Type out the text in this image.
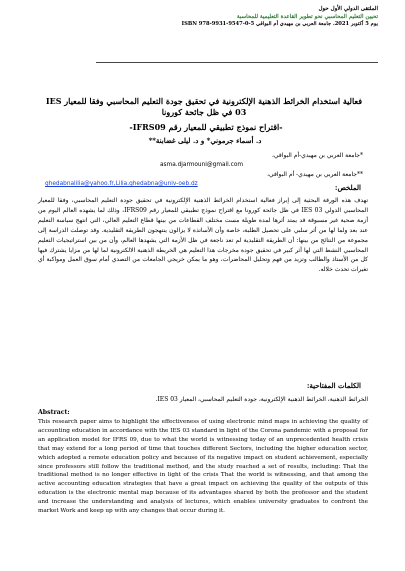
الملتقى الدولي الأول حول
تحيين التعليم المحاسبي نحو تطوير القاعدة التعليمية للمحاسبة
يوم 5 أكتوبر 2021، جامعة العربي بن مهيدي أم البواقي ISBN 978-9931-9547-0-5
فعالية استخدام الخرائط الذهنية الإلكترونية في تحقيق جودة التعليم المحاسبي وفقا للمعيار IES 03 في ظل جائحة كورونا
-اقتراح نموذج تطبيقي للمعيار رقم IFRS09-
د. أسماء جرموني* و د. ليلى غضابنة**
*جامعة العربي بن مهيدي-أم البواقي،
asma.djarmouni@gmail.com
**جامعة العربي بن مهيدي- أم البواقي،
ghedabnalilia@yahoo.fr,Lilia.ghedabna@univ-oeb.dz	الملخص:
تهدف هذه الورقة البحثية إلى إبراز فعالية استخدام الخرائط الذهنية الإلكترونية في تحقيق جودة التعليم المحاسبي، وفقا للمعيار المحاسبي الدولي IES 03 في ظل جائحة كورونا مع اقتراح نموذج تطبيقي للمعيار رقم IFRS09، وذلك لما يشهده العالم اليوم من أزمة صحية غير مسبوقة قد يمتد أثرها لمدة طويلة مست مختلف القطاعات من بينها قطاع التعليم العالي، التي انتهج سياسة التعليم عند بعد ولما لها من أثر سلبي على تحصيل الطلبة، خاصة وأن الأساتذة لا يزالون ينتهجون الطريقة التقليدية. وقد توصلت الدراسة إلى مجموعة من النتائج من بينها: أن الطريقة التقليدية لم تعد ناجعة في ظل الأزمة التي يشهدها العالم، وأن من بين استراتيجيات التعليم المحاسبي النشط التي لها أثر كبير في تحقيق جودة مخرجات هذا التعليم هي الخريطة الذهنية الالكترونية لما لها من مزايا يشترك فيها كل من الأستاذ والطالب وتزيد من فهم وتحليل المحاضرات، وهو ما يمكن خريجي الجامعات من التصدي أمام سوق العمل ومواكبة أي تغيرات تحدث خلاله.
الكلمات المفتاحية:
الخرائط الذهنية، الخرائط الذهنية الإلكترونية، جودة التعليم المحاسبي، المعيار IES 03.
Abstract:
This research paper aims to highlight the effectiveness of using electronic mind maps in achieving the quality of accounting education in accordance with the IES 03 standard in light of the Corona pandemic with a proposal for an application model for IFRS 09, due to what the world is witnessing today of an unprecedented health crisis that may extend for a long period of time that touches different Sectors, including the higher education sector, which adopted a remote education policy and because of its negative impact on student achievement, especially since professors still follow the traditional method, and the study reached a set of results, including: That the traditional method is no longer effective in light of the crisis That the world is witnessing, and that among the active accounting education strategies that have a great impact on achieving the quality of the outputs of this education is the electronic mental map because of its advantages shared by both the professor and the student and increase the understanding and analysis of lectures, which enables university graduates to confront the market Work and keep up with any changes that occur during it.
